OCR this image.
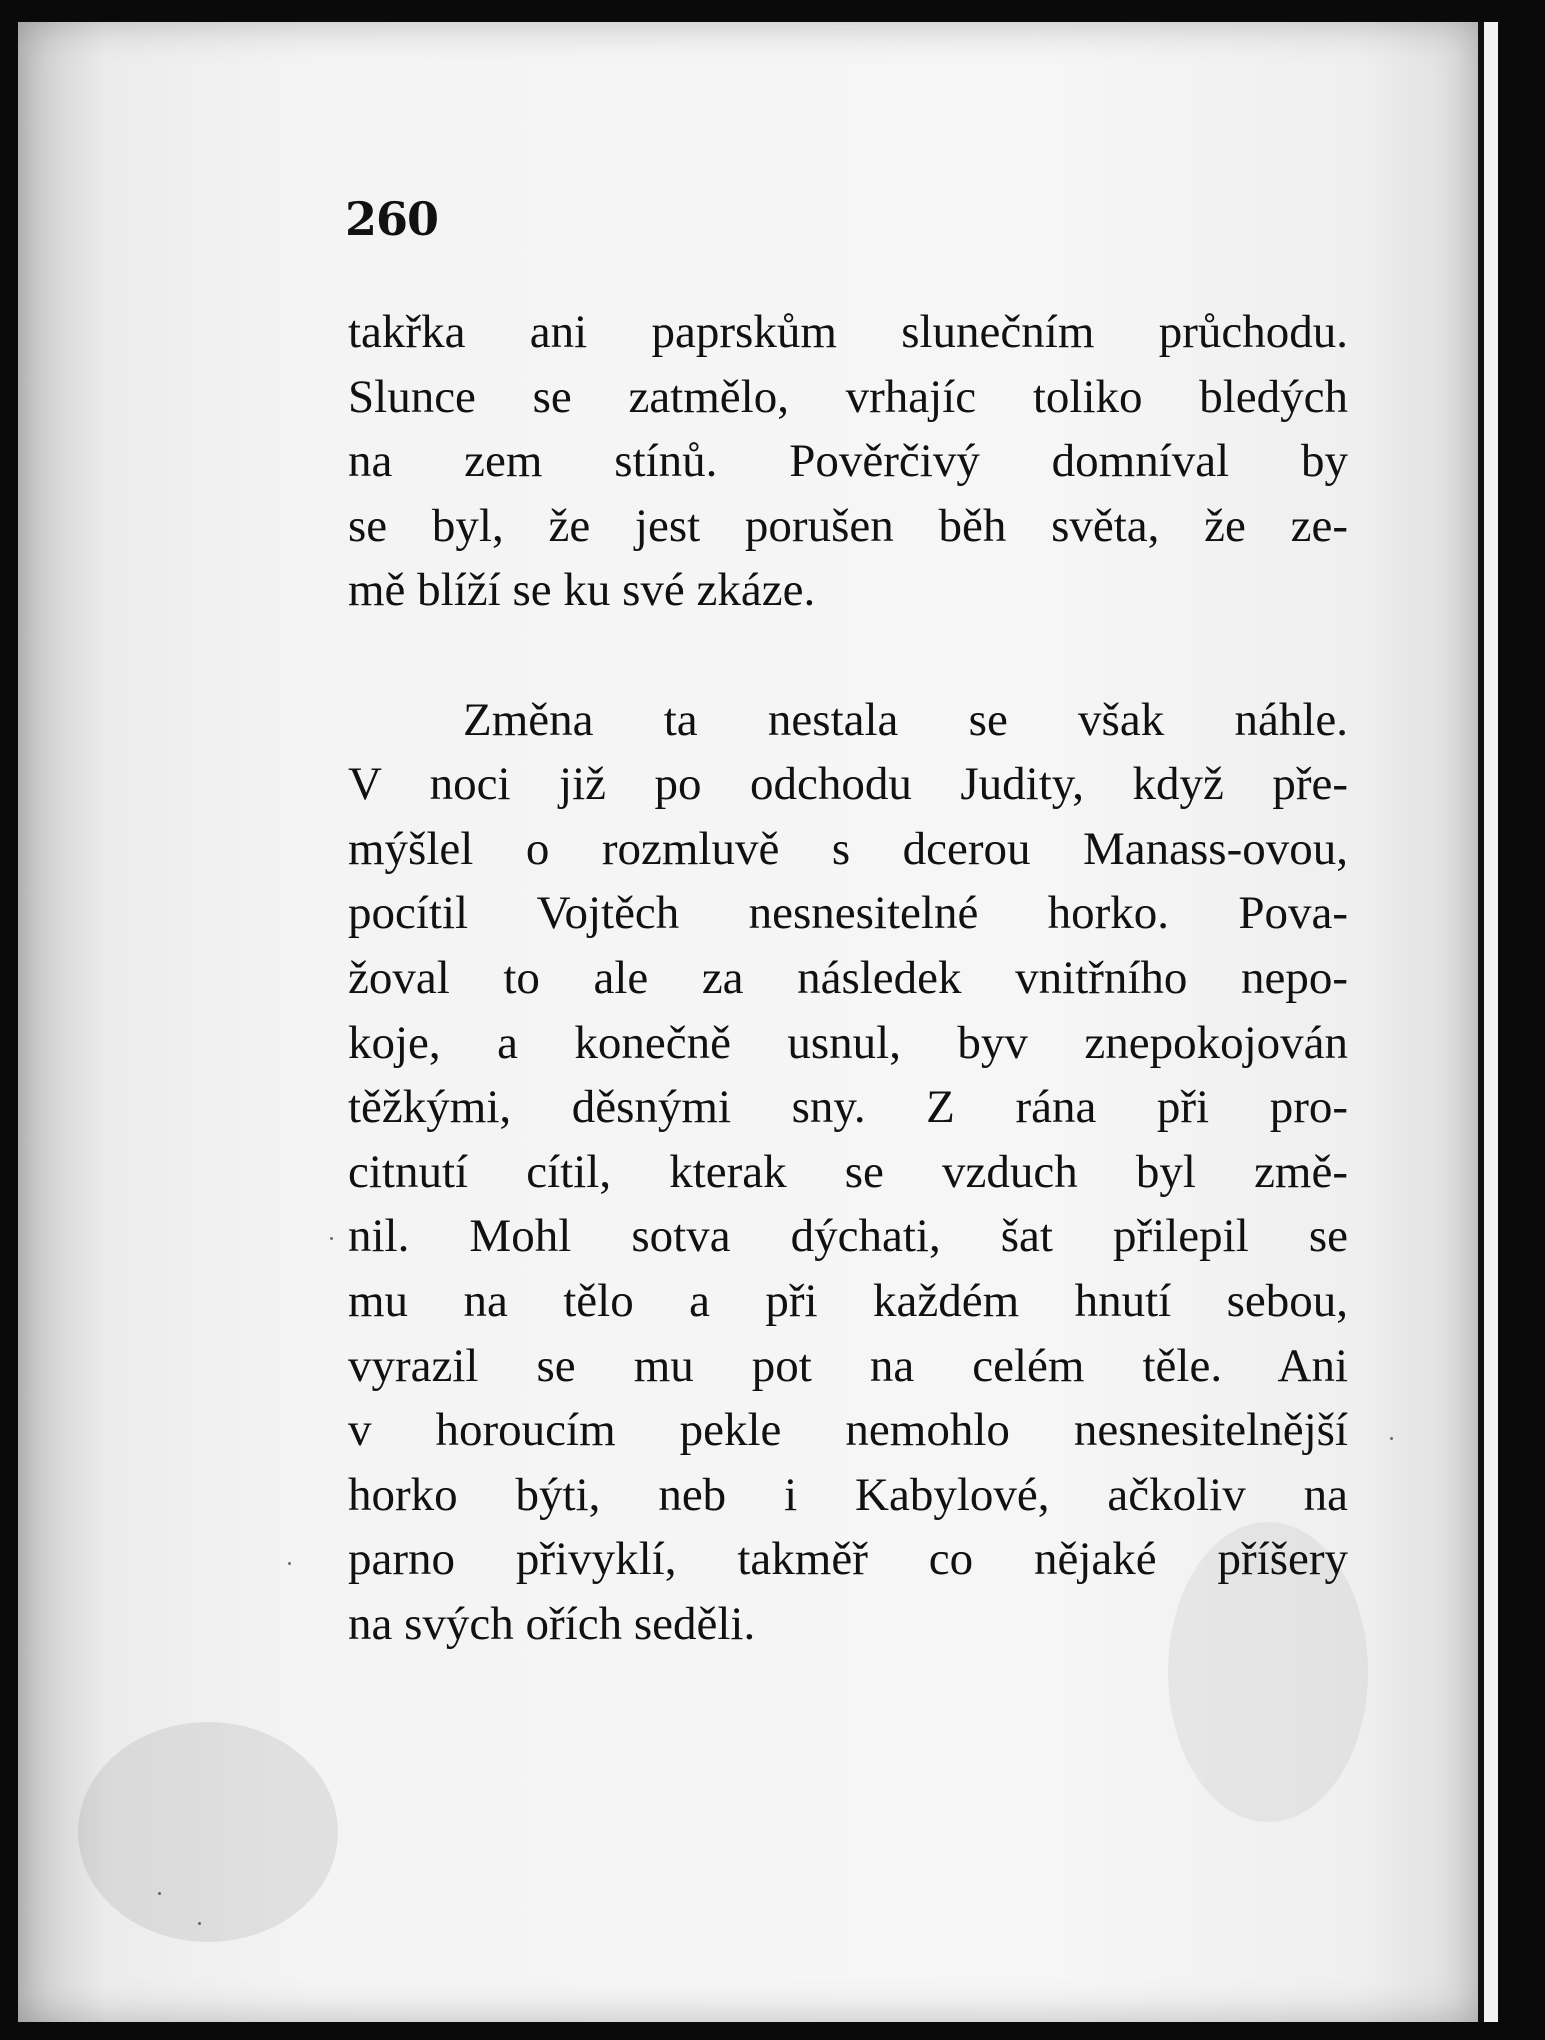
260
takřka ani paprskům slunečním průchodu.
Slunce se zatmělo, vrhajíc toliko bledých
na zem stínů. Pověrčivý domníval by
se byl, že jest porušen běh světa, že ze-
mě blíží se ku své zkáze.
Změna ta nestala se však náhle.
V noci již po odchodu Judity, když pře-
mýšlel o rozmluvě s dcerou Manass-ovou,
pocítil Vojtěch nesnesitelné horko. Pova-
žoval to ale za následek vnitřního nepo-
koje, a konečně usnul, byv znepokojován
těžkými, děsnými sny. Z rána při pro-
citnutí cítil, kterak se vzduch byl změ-
nil. Mohl sotva dýchati, šat přilepil se
mu na tělo a při každém hnutí sebou,
vyrazil se mu pot na celém těle. Ani
v horoucím pekle nemohlo nesnesitelnější
horko býti, neb i Kabylové, ačkoliv na
parno přivyklí, takměř co nějaké příšery
na svých ořích seděli.
